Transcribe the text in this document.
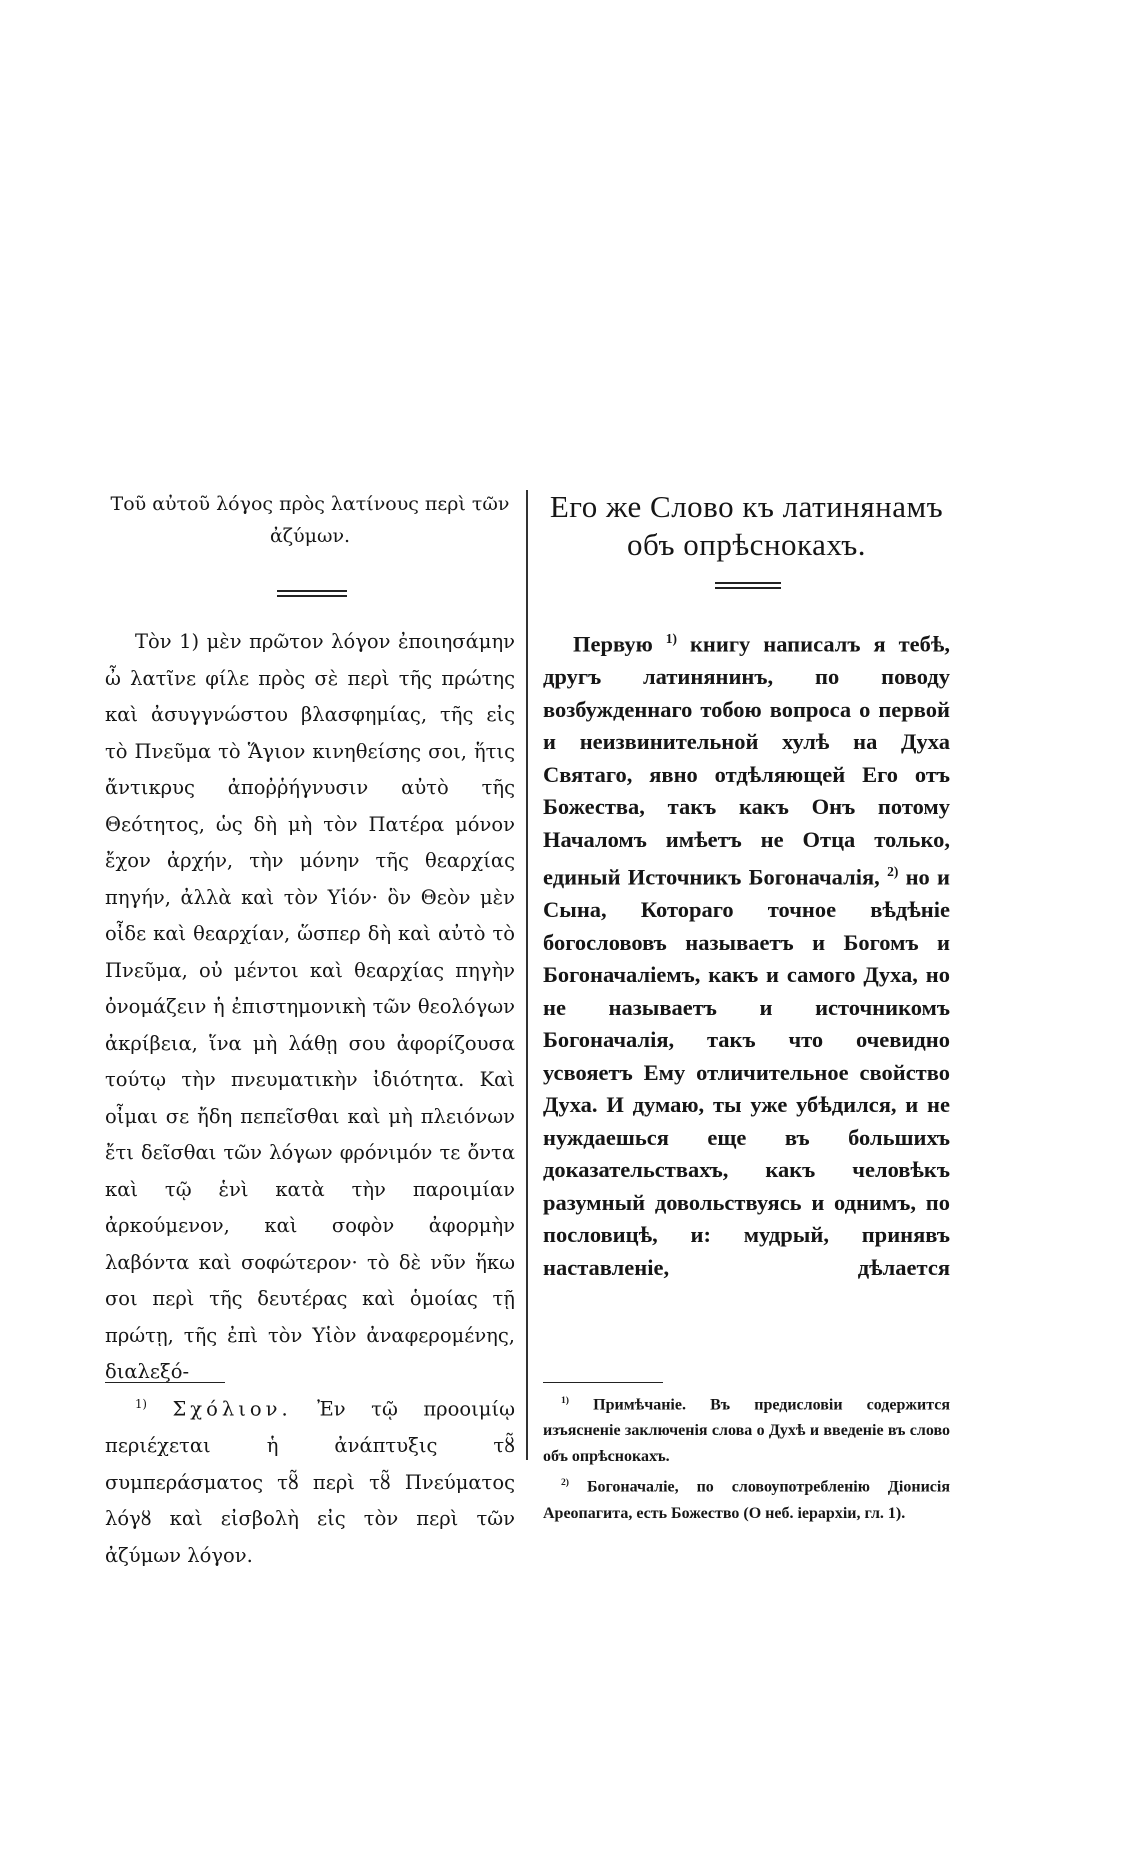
Τοῦ αὐτοῦ λόγος πρὸς λατίνους περὶ τῶν ἀζύμων.

Τὸν 1) μὲν πρῶτον λόγον ἐποιησάμην ὦ λατῖνε φίλε πρὸς σὲ περὶ τῆς πρώτης καὶ ἀσυγγνώστου βλασφημίας, τῆς εἰς τὸ Πνεῦμα τὸ Ἅγιον κινηθείσης σοι, ἥτις ἄντικρυς ἀποῤῥήγνυσιν αὐτὸ τῆς Θεότητος, ὡς δὴ μὴ τὸν Πατέρα μόνον ἔχον ἀρχήν, τὴν μόνην τῆς θεαρχίας πηγήν, ἀλλὰ καὶ τὸν Υἱόν· ὃν Θεὸν μὲν οἶδε καὶ θεαρχίαν, ὥσπερ δὴ καὶ αὐτὸ τὸ Πνεῦμα, οὐ μέντοι καὶ θεαρχίας πηγὴν ὀνομάζειν ἡ ἐπιστημονικὴ τῶν θεολόγων ἀκρίβεια, ἵνα μὴ λάθῃ σου ἀφορίζουσα τούτῳ τὴν πνευματικὴν ἰδιότητα. Καὶ οἶμαι σε ἤδη πεπεῖσθαι καὶ μὴ πλειόνων ἔτι δεῖσθαι τῶν λόγων φρόνιμόν τε ὄντα καὶ τῷ ἑνὶ κατὰ τὴν παροιμίαν ἀρκούμενον, καὶ σοφὸν ἀφορμὴν λαβόντα καὶ σοφώτερον· τὸ δὲ νῦν ἥκω σοι περὶ τῆς δευτέρας καὶ ὁμοίας τῇ πρώτῃ, τῆς ἐπὶ τὸν Υἱὸν ἀναφερομένης, διαλεξό-

Его же Слово къ латинянамъ объ опрѣснокахъ.

Первую $^{1)}$ книгу написалъ я тебѣ, другъ латинянинъ, по поводу возбужденнаго тобою вопроса о первой и неизвинительной хулѣ на Духа Святаго, явно отдѣляющей Его отъ Божества, такъ какъ Онъ потому Началомъ имѣетъ не Отца только, единый Источникъ Богоначалія, $^{2)}$ но и Сына, Котораго точное вѣдѣніе богослововъ называетъ и Богомъ и Богоначаліемъ, какъ и самого Духа, но не называетъ и источникомъ Богоначалія, такъ что очевидно усвояетъ Ему отличительное свойство Духа. И думаю, ты уже убѣдился, и не нуждаешься еще въ большихъ доказательствахъ, какъ человѣкъ разумный довольствуясь и однимъ, по пословицѣ, и: мудрый, принявъ наставленіе, дѣлается

$^{1)}$ Σχόλιον. Ἐν τῷ προοιμίῳ περιέχεται ἡ ἀνάπτυξις τȣ̃ συμπεράσματος τȣ̃ περὶ τȣ̃ Πνεύματος λόγȣ καὶ εἰσβολὴ εἰς τὸν περὶ τῶν ἀζύμων λόγον.

$^{1)}$ Примѣчаніе. Въ предисловіи содержится изъясненіе заключенія слова о Духѣ и введеніе въ слово объ опрѣснокахъ.

$^{2)}$ Богоначаліе, по словоупотребленію Діонисія Ареопагита, есть Божество (О неб. іерархіи, гл. 1).
